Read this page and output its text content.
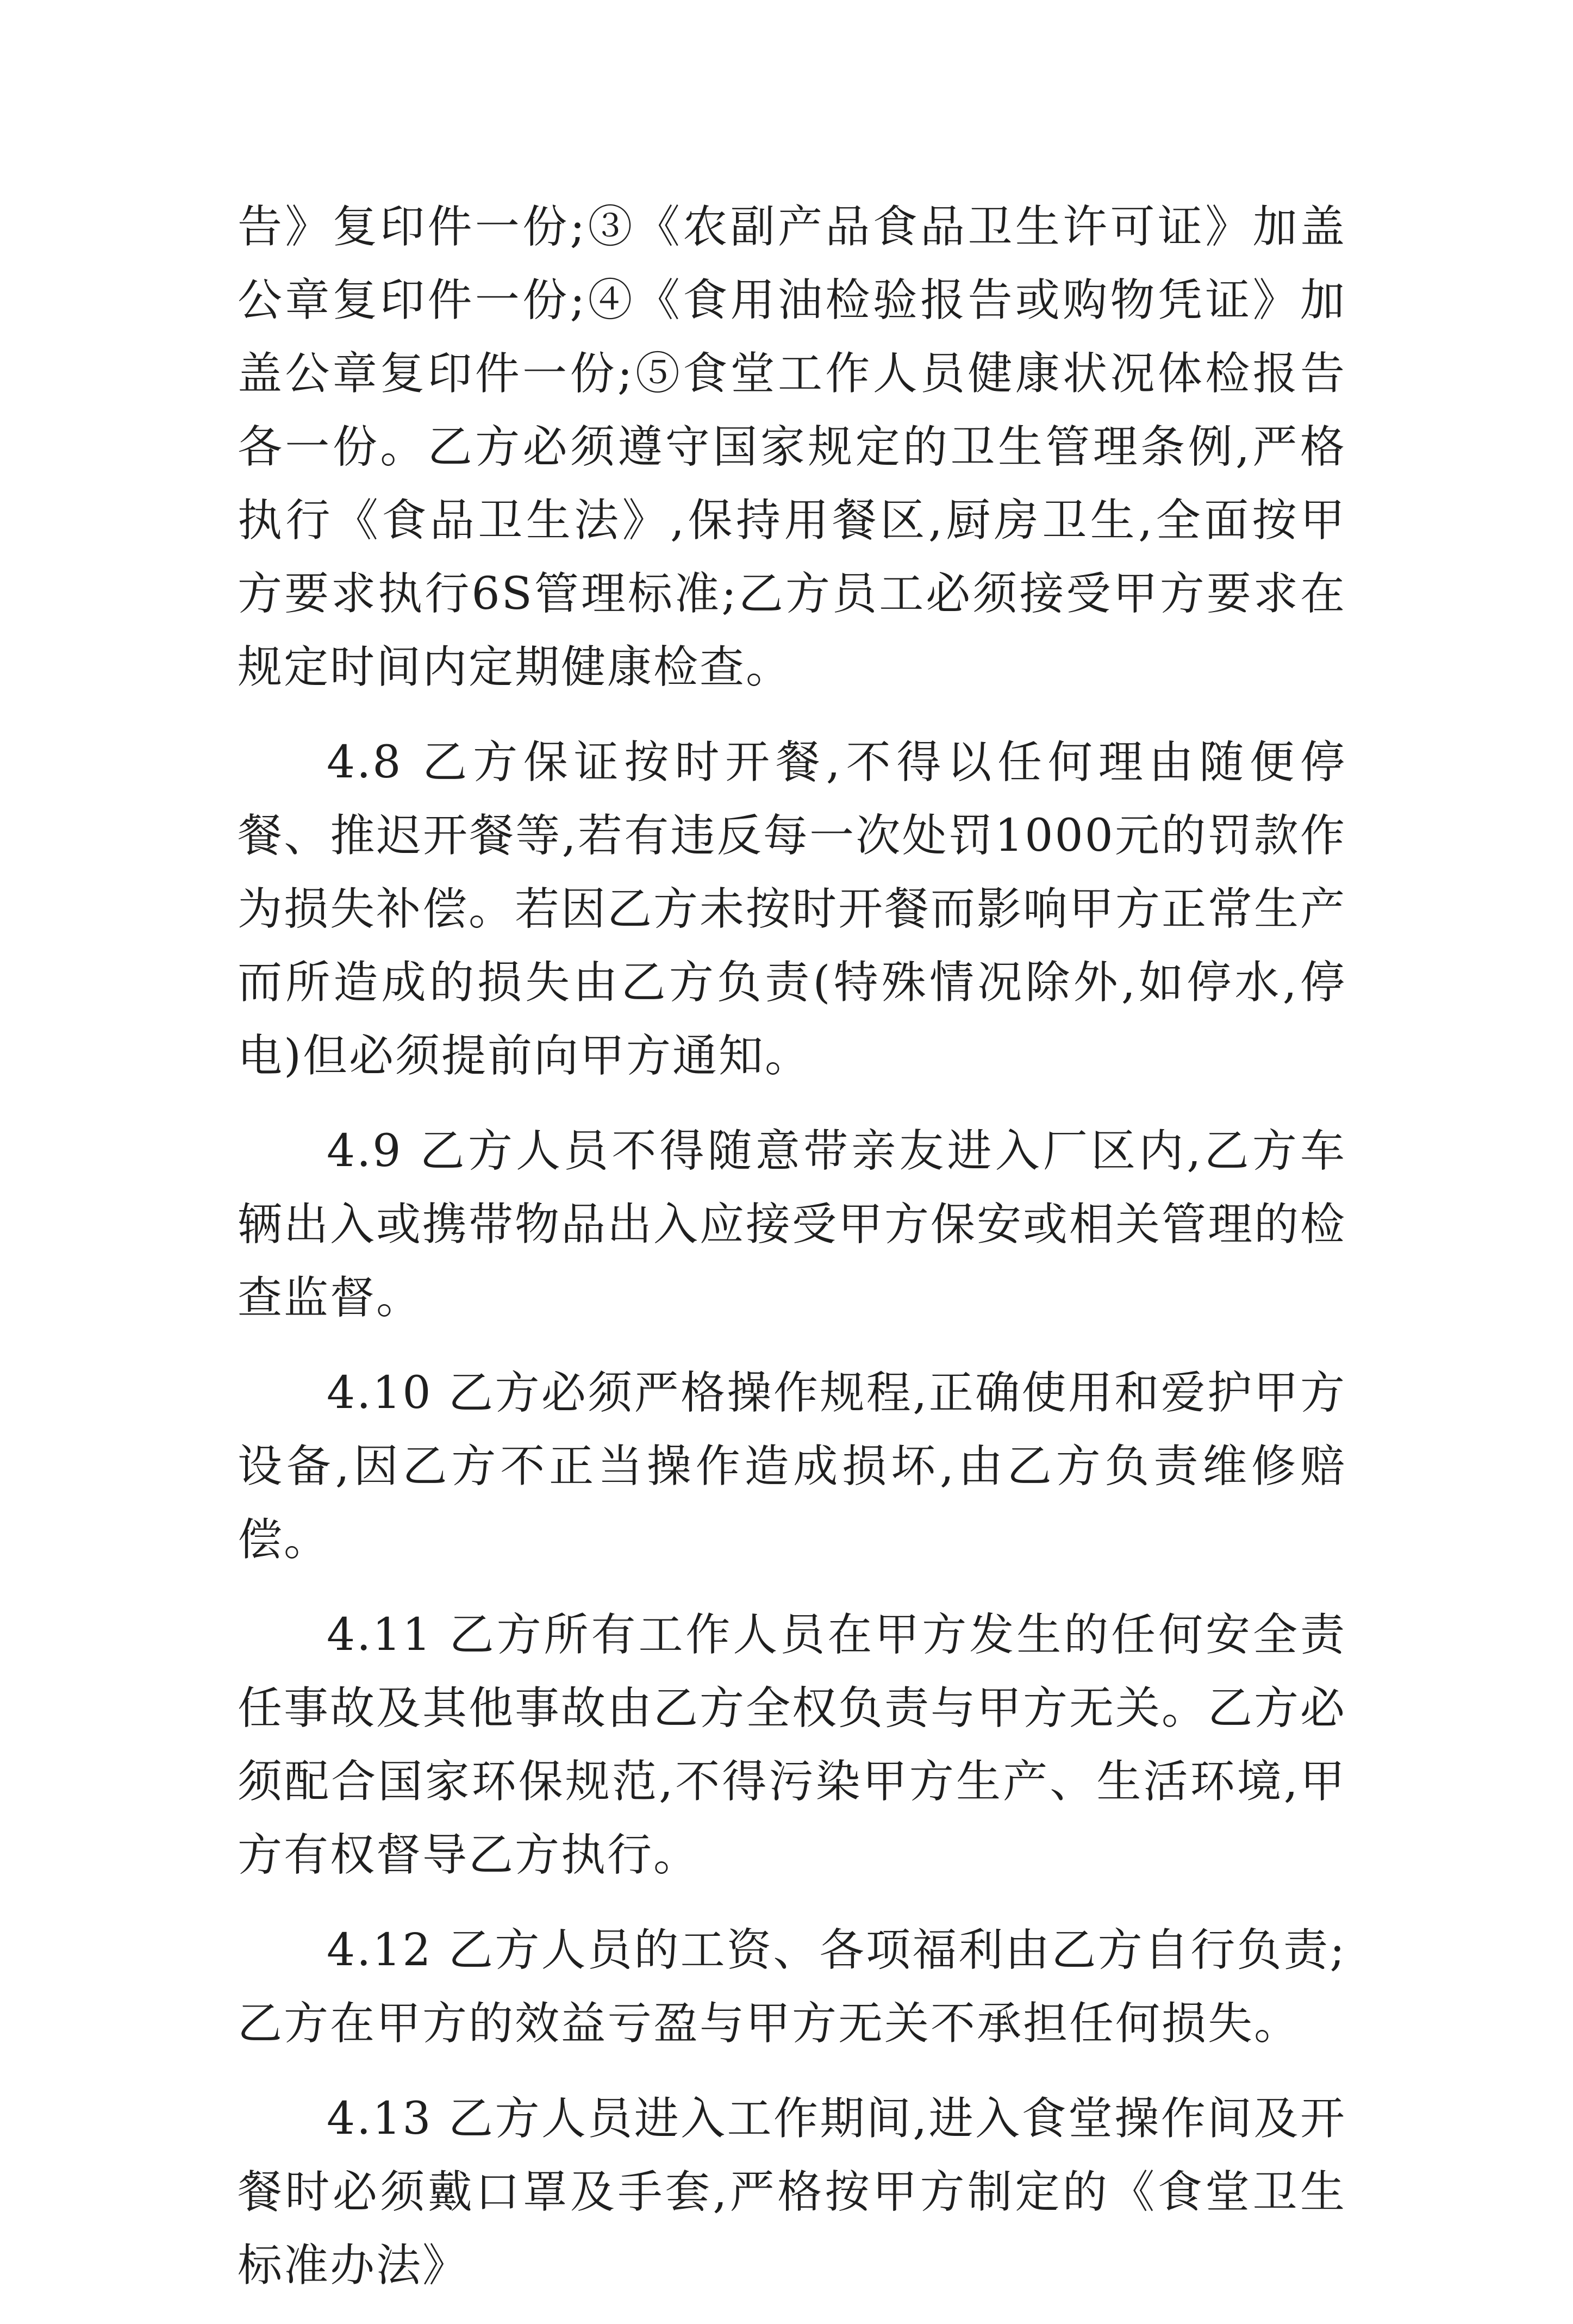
告》复印件一份;③《农副产品食品卫生许可证》加盖公章复印件一份;④《食用油检验报告或购物凭证》加盖公章复印件一份;⑤食堂工作人员健康状况体检报告各一份。乙方必须遵守国家规定的卫生管理条例,严格执行《食品卫生法》,保持用餐区,厨房卫生,全面按甲方要求执行6S管理标准;乙方员工必须接受甲方要求在规定时间内定期健康检查。

4.8 乙方保证按时开餐,不得以任何理由随便停餐、推迟开餐等,若有违反每一次处罚1000元的罚款作为损失补偿。若因乙方未按时开餐而影响甲方正常生产而所造成的损失由乙方负责(特殊情况除外,如停水,停电)但必须提前向甲方通知。

4.9 乙方人员不得随意带亲友进入厂区内,乙方车辆出入或携带物品出入应接受甲方保安或相关管理的检查监督。

4.10 乙方必须严格操作规程,正确使用和爱护甲方设备,因乙方不正当操作造成损坏,由乙方负责维修赔偿。

4.11 乙方所有工作人员在甲方发生的任何安全责任事故及其他事故由乙方全权负责与甲方无关。乙方必须配合国家环保规范,不得污染甲方生产、生活环境,甲方有权督导乙方执行。

4.12 乙方人员的工资、各项福利由乙方自行负责;乙方在甲方的效益亏盈与甲方无关不承担任何损失。

4.13 乙方人员进入工作期间,进入食堂操作间及开餐时必须戴口罩及手套,严格按甲方制定的《食堂卫生标准办法》
